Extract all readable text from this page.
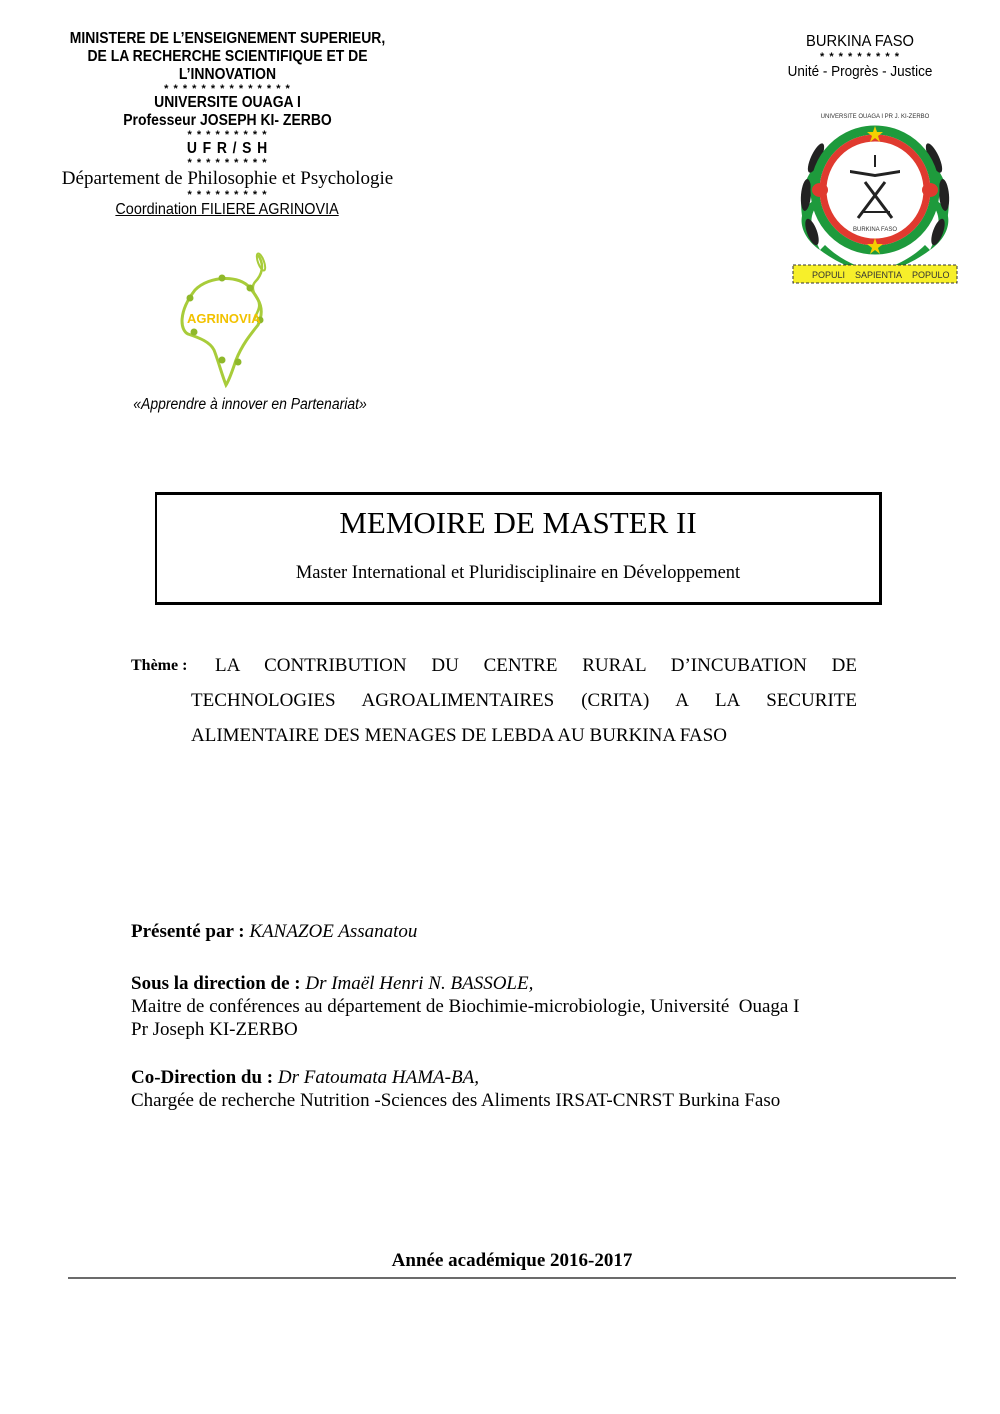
MINISTERE DE L’ENSEIGNEMENT SUPERIEUR,
DE LA RECHERCHE SCIENTIFIQUE ET DE
L’INNOVATION
* * * * * * * * * * * * * *
UNIVERSITE OUAGA I
Professeur JOSEPH KI- ZERBO
* * * * * * * * *
U F R / S H
* * * * * * * * *
Département de Philosophie et Psychologie
* * * * * * * * *
Coordination FILIERE AGRINOVIA
BURKINA FASO
* * * * * * * * *
Unité - Progrès - Justice
UNIVERSITE OUAGA I PR J. KI-ZERBO
BURKINA FASO
POPULI SAPIENTIA POPULO
AGRINOVIA
«Apprendre à innover en Partenariat»
MEMOIRE DE MASTER II
Master International et Pluridisciplinaire en Développement
Thème : LA CONTRIBUTION DU CENTRE RURAL D’INCUBATION DE
TECHNOLOGIES AGROALIMENTAIRES (CRITA) A LA SECURITE
ALIMENTAIRE DES MENAGES DE LEBDA AU BURKINA FASO
Présenté par : KANAZOE Assanatou
Sous la direction de : Dr Imaël Henri N. BASSOLE,
Maitre de conférences au département de Biochimie-microbiologie, Université  Ouaga I
Pr Joseph KI-ZERBO
Co-Direction du : Dr Fatoumata HAMA-BA,
Chargée de recherche Nutrition -Sciences des Aliments IRSAT-CNRST Burkina Faso
Année académique 2016-2017
